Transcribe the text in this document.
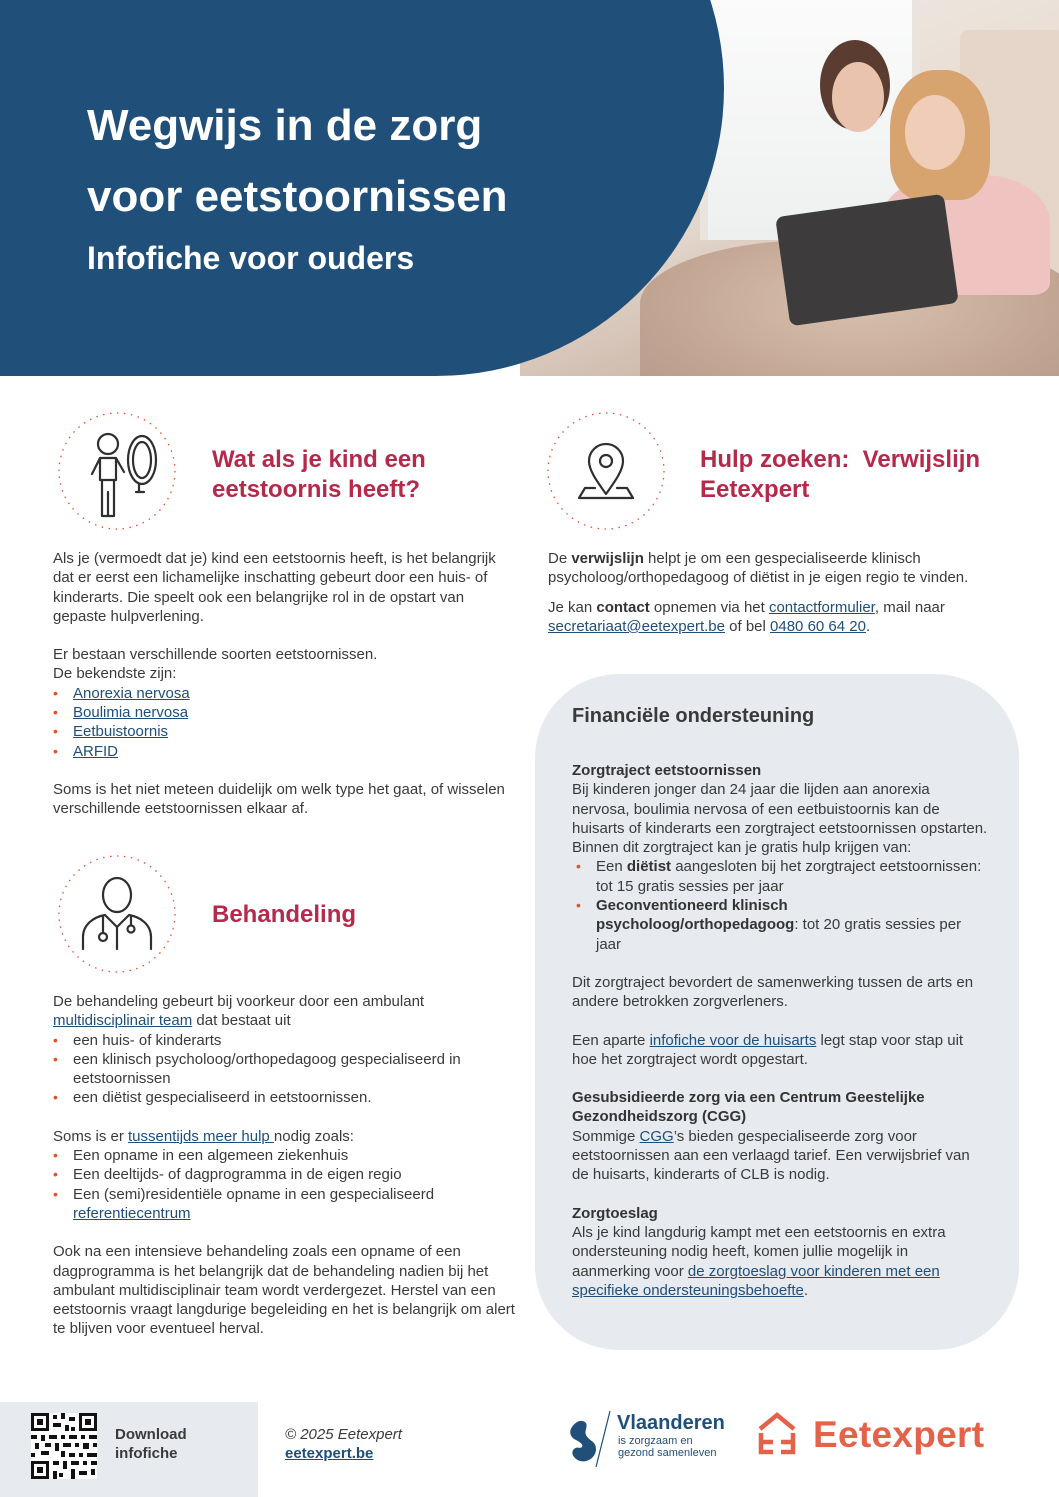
Wegwijs in de zorg
voor eetstoornissen
Infofiche voor ouders
Wat als je kind een
eetstoornis heeft?

Als je (vermoedt dat je) kind een eetstoornis heeft, is het belangrijk dat er eerst een lichamelijke inschatting gebeurt door een huis- of kinderarts. Die speelt ook een belangrijke rol in de opstart van gepaste hulpverlening.

Er bestaan verschillende soorten eetstoornissen.

De bekendste zijn:

• Anorexia nervosa
• Boulimia nervosa
• Eetbuistoornis
• ARFID

Soms is het niet meteen duidelijk om welk type het gaat, of wisselen verschillende eetstoornissen elkaar af.

Behandeling

De behandeling gebeurt bij voorkeur door een ambulant multidisciplinair team dat bestaat uit

• een huis- of kinderarts
• een klinisch psycholoog/orthopedagoog gespecialiseerd in eetstoornissen
• een diëtist gespecialiseerd in eetstoornissen.

Soms is er tussentijds meer hulp nodig zoals:

• Een opname in een algemeen ziekenhuis
• Een deeltijds- of dagprogramma in de eigen regio
• Een (semi)residentiële opname in een gespecialiseerd referentiecentrum

Ook na een intensieve behandeling zoals een opname of een dagprogramma is het belangrijk dat de behandeling nadien bij het ambulant multidisciplinair team wordt verdergezet. Herstel van een eetstoornis vraagt langdurige begeleiding en het is belangrijk om alert te blijven voor eventueel herval.

Hulp zoeken:  Verwijslijn
Eetexpert

De verwijslijn helpt je om een gespecialiseerde klinisch psycholoog/orthopedagoog of diëtist in je eigen regio te vinden.

Je kan contact opnemen via het contactformulier, mail naar
secretariaat@eetexpert.be of bel 0480 60 64 20.

Financiële ondersteuning

Zorgtraject eetstoornissen

Bij kinderen jonger dan 24 jaar die lijden aan anorexia nervosa, boulimia nervosa of een eetbuistoornis kan de huisarts of kinderarts een zorgtraject eetstoornissen opstarten. Binnen dit zorgtraject kan je gratis hulp krijgen van:

• Een diëtist aangesloten bij het zorgtraject eetstoornissen: tot 15 gratis sessies per jaar
• Geconventioneerd klinisch psycholoog/orthopedagoog: tot 20 gratis sessies per jaar

Dit zorgtraject bevordert de samenwerking tussen de arts en andere betrokken zorgverleners.

Een aparte infofiche voor de huisarts legt stap voor stap uit hoe het zorgtraject wordt opgestart.

Gesubsidieerde zorg via een Centrum Geestelijke Gezondheidszorg (CGG)

Sommige CGG’s bieden gespecialiseerde zorg voor eetstoornissen aan een verlaagd tarief. Een verwijsbrief van de huisarts, kinderarts of CLB is nodig.

Zorgtoeslag

Als je kind langdurig kampt met een eetstoornis en extra ondersteuning nodig heeft, komen jullie mogelijk in aanmerking voor de zorgtoeslag voor kinderen met een specifieke ondersteuningsbehoefte.

Download
infofiche
© 2025 Eetexpert
eetexpert.be
Vlaanderen
is zorgzaam en
gezond samenleven	Eetexpert
